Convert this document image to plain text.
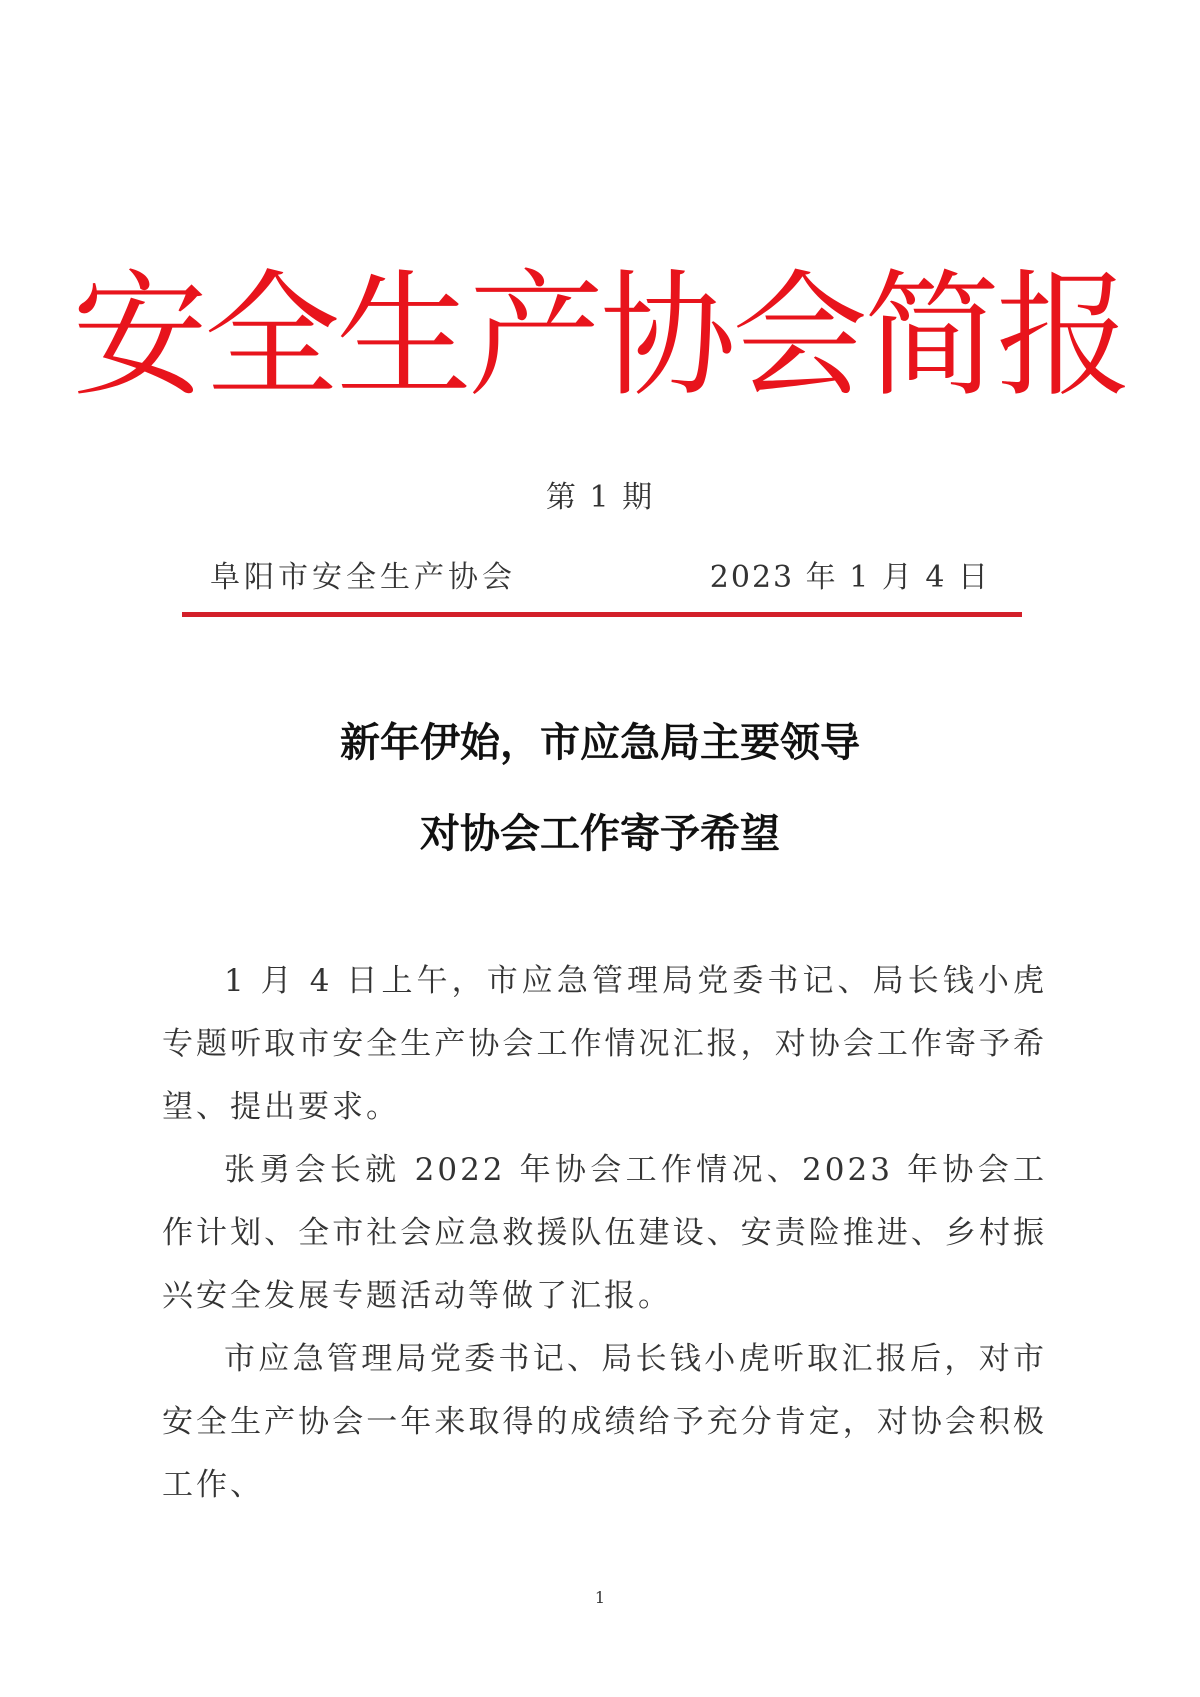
安全生产协会简报
第 1 期
阜阳市安全生产协会	2023 年 1 月 4 日
新年伊始，市应急局主要领导
对协会工作寄予希望

1 月 4 日上午，市应急管理局党委书记、局长钱小虎专题听取市安全生产协会工作情况汇报，对协会工作寄予希望、提出要求。

张勇会长就 2022 年协会工作情况、2023 年协会工作计划、全市社会应急救援队伍建设、安责险推进、乡村振兴安全发展专题活动等做了汇报。

市应急管理局党委书记、局长钱小虎听取汇报后，对市安全生产协会一年来取得的成绩给予充分肯定，对协会积极工作、

1
